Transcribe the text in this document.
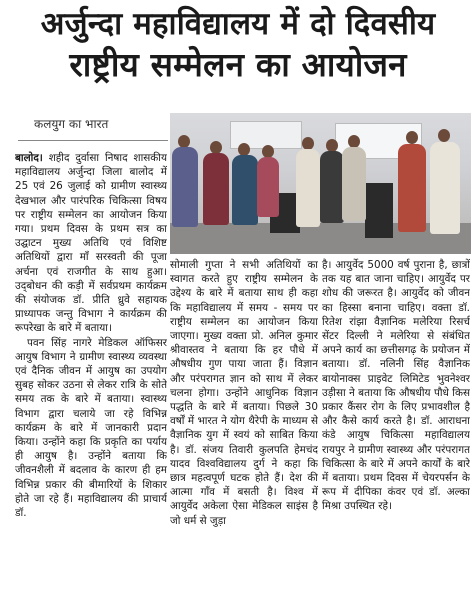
अर्जुन्दा महाविद्यालय में दो दिवसीय
राष्ट्रीय सम्मेलन का आयोजन
कलयुग का भारत

बालोद। शहीद दुर्वासा निषाद शासकीय महाविद्यालय अर्जुन्दा जिला बालोद में 25 एवं 26 जुलाई को ग्रामीण स्वास्थ्य देखभाल और पारंपरिक चिकित्सा विषय पर राष्ट्रीय सम्मेलन का आयोजन किया गया। प्रथम दिवस के प्रथम सत्र का उद्घाटन मुख्य अतिथि एवं विशिष्ट अतिथियों द्वारा माँ सरस्वती की पूजा अर्चना एवं राजगीत के साथ हुआ। उद्‌बोधन की कड़ी में सर्वप्रथम कार्यक्रम की संयोजक डॉ. प्रीति ध्रुवे सहायक प्राध्यापक जन्तु विभाग ने कार्यक्रम की रूपरेखा के बारे में बताया।

पवन सिंह नागरे मेडिकल ऑफिसर आयुष विभाग ने ग्रामीण स्वास्थ्य व्यवस्था एवं दैनिक जीवन में आयुष का उपयोग सुबह सोकर उठना से लेकर रात्रि के सोते समय तक के बारे में बताया। स्वास्थ्य विभाग द्वारा चलाये जा रहे विभिन्न कार्यक्रम के बारे में जानकारी प्रदान किया। उन्होंने कहा कि प्रकृति का पर्याय ही आयुष है। उन्होंने बताया कि जीवनशैली में बदलाव के कारण ही हम विभिन्न प्रकार की बीमारियों के शिकार होते जा रहे हैं। महाविद्यालय की प्राचार्य डॉ.

सोमाली गुप्ता ने सभी अतिथियों का स्वागत करते हुए राष्ट्रीय सम्मेलन के उद्देश्य के बारे में बताया साथ ही कहा कि महाविद्यालय में समय - समय पर राष्ट्रीय सम्मेलन का आयोजन किया जाएगा। मुख्य वक्ता प्रो. अनिल कुमार श्रीवास्तव ने बताया कि हर पौधे में औषधीय गुण पाया जाता हैं। विज्ञान और परंपरागत ज्ञान को साथ में लेकर चलना होगा। उन्होंने आधुनिक विज्ञान पद्धति के बारे में बताया। पिछले 30 वर्षों में भारत ने योग थैरेपी के माध्यम से वैज्ञानिक युग में स्वयं को साबित किया है। डॉ. संजय तिवारी कुलपति हेमचंद यादव विश्वविद्यालय दुर्ग ने कहा कि छात्र महत्वपूर्ण घटक होते हैं। देश की आत्मा गाँव में बसती है। विश्व में आयुर्वेद अकेला ऐसा मेडिकल साइंस है जो धर्म से जुड़ा

है। आयुर्वेद 5000 वर्ष पुराना है, छात्रों तक यह बात जाना चाहिए। आयुर्वेद पर शोध की जरूरत है। आयुर्वेद को जीवन का हिस्सा बनाना चाहिए। वक्ता डॉ. रितेश रांझा वैज्ञानिक मलेरिया रिसर्च सेंटर दिल्ली ने मलेरिया से संबंधित अपने कार्य का छत्तीसगढ़ के प्रयोजन में बताया। डॉ. नलिनी सिंह वैज्ञानिक बायोनाक्स प्राइवेट लिमिटेड भुवनेश्वर उड़ीसा ने बताया कि औषधीय पौधे किस प्रकार कैंसर रोग के लिए प्रभावशील है और कैसे कार्य करते है। डॉ. आराधना कंडे आयुष चिकित्सा महाविद्यालय रायपुर ने ग्रामीण स्वास्थ्य और परंपरागत चिकित्सा के बारे में अपने कार्यों के बारे में बताया। प्रथम दिवस में चेयरपर्सन के रूप में दीपिका कंवर एवं डॉ. अल्का मिश्रा उपस्थित रहे।
